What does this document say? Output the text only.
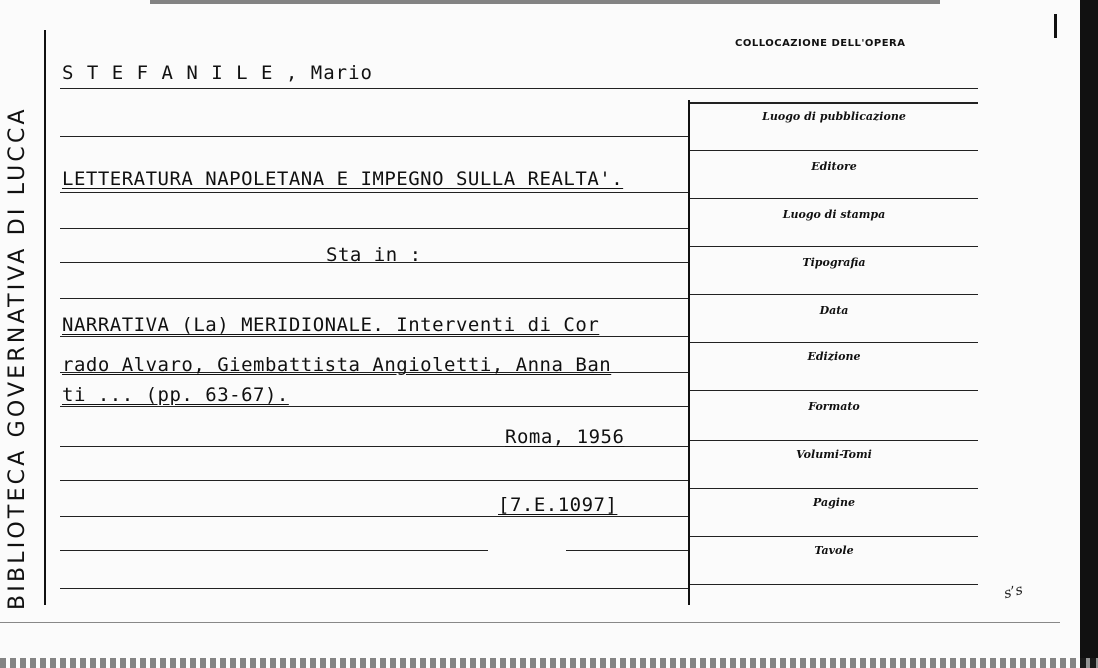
BIBLIOTECA GOVERNATIVA DI LUCCA
COLLOCAZIONE DELL'OPERA
S T E F A N I L E , Mario
LETTERATURA NAPOLETANA E IMPEGNO SULLA REALTA'.
Sta in :
NARRATIVA (La) MERIDIONALE. Interventi di Cor
rado Alvaro, Giembattista Angioletti, Anna Ban
ti ... (pp. 63-67).
Roma, 1956
[7.E.1097]
Luogo di pubblicazione
Editore
Luogo di stampa
Tipografia
Data
Edizione
Formato
Volumi-Tomi
Pagine
Tavole
ꜱ’ꜱ
